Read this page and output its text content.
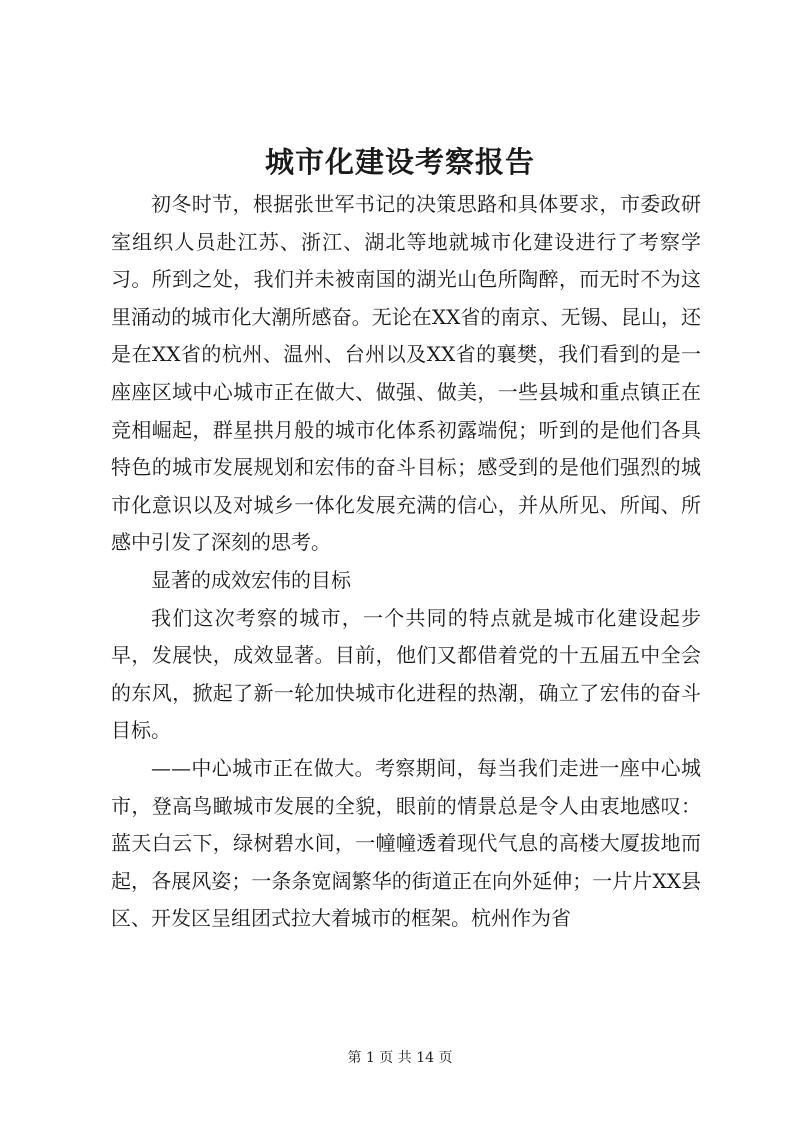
城市化建设考察报告

初冬时节，根据张世军书记的决策思路和具体要求，市委政研室组织人员赴江苏、浙江、湖北等地就城市化建设进行了考察学习。所到之处，我们并未被南国的湖光山色所陶醉，而无时不为这里涌动的城市化大潮所感奋。无论在XX省的南京、无锡、昆山，还是在XX省的杭州、温州、台州以及XX省的襄樊，我们看到的是一座座区域中心城市正在做大、做强、做美，一些县城和重点镇正在竞相崛起，群星拱月般的城市化体系初露端倪；听到的是他们各具特色的城市发展规划和宏伟的奋斗目标；感受到的是他们强烈的城市化意识以及对城乡一体化发展充满的信心，并从所见、所闻、所感中引发了深刻的思考。

显著的成效宏伟的目标

我们这次考察的城市，一个共同的特点就是城市化建设起步早，发展快，成效显著。目前，他们又都借着党的十五届五中全会的东风，掀起了新一轮加快城市化进程的热潮，确立了宏伟的奋斗目标。

——中心城市正在做大。考察期间，每当我们走进一座中心城市，登高鸟瞰城市发展的全貌，眼前的情景总是令人由衷地感叹：蓝天白云下，绿树碧水间，一幢幢透着现代气息的高楼大厦拔地而起，各展风姿；一条条宽阔繁华的街道正在向外延伸；一片片XX县区、开发区呈组团式拉大着城市的框架。杭州作为省

第 1 页 共 14 页
